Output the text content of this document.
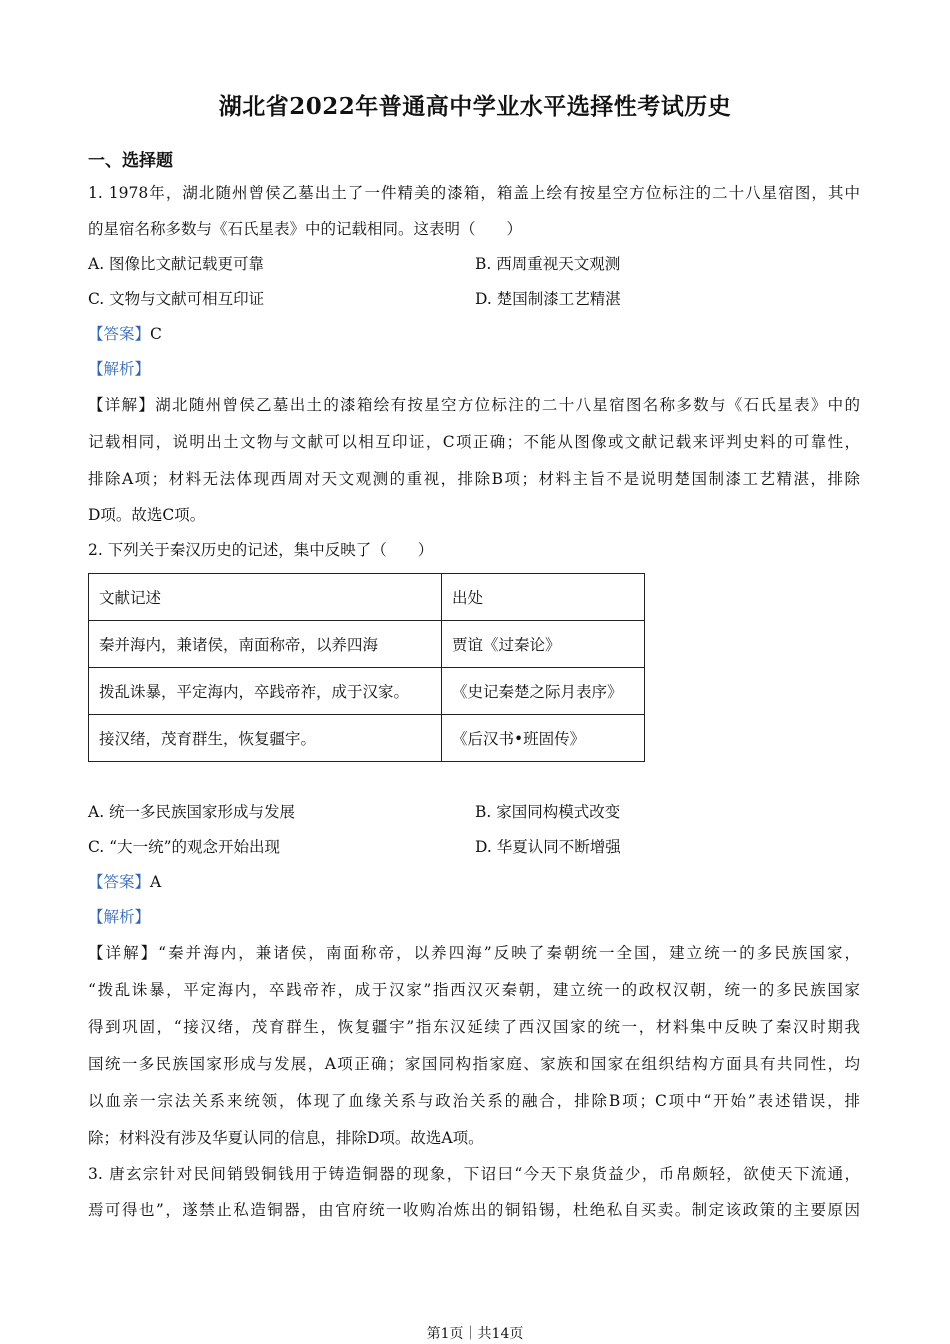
湖北省2022年普通高中学业水平选择性考试历史
一、选择题
1. 1978年，湖北随州曾侯乙墓出土了一件精美的漆箱，箱盖上绘有按星空方位标注的二十八星宿图，其中
的星宿名称多数与《石氏星表》中的记载相同。这表明（　　）
A. 图像比文献记载更可靠	B. 西周重视天文观测
C. 文物与文献可相互印证	D. 楚国制漆工艺精湛
【答案】C
【解析】
【详解】湖北随州曾侯乙墓出土的漆箱绘有按星空方位标注的二十八星宿图名称多数与《石氏星表》中的
记载相同，说明出土文物与文献可以相互印证，C项正确；不能从图像或文献记载来评判史料的可靠性，
排除A项；材料无法体现西周对天文观测的重视，排除B项；材料主旨不是说明楚国制漆工艺精湛，排除
D项。故选C项。
2. 下列关于秦汉历史的记述，集中反映了（　　）
文献记述	出处
秦并海内，兼诸侯，南面称帝，以养四海	贾谊《过秦论》
拨乱诛暴，平定海内，卒践帝祚，成于汉家。	《史记秦楚之际月表序》
接汉绪，茂育群生，恢复疆宇。	《后汉书•班固传》
A. 统一多民族国家形成与发展	B. 家国同构模式改变
C. “大一统”的观念开始出现	D. 华夏认同不断增强
【答案】A
【解析】
【详解】“秦并海内，兼诸侯，南面称帝，以养四海”反映了秦朝统一全国，建立统一的多民族国家，
“拨乱诛暴，平定海内，卒践帝祚，成于汉家”指西汉灭秦朝，建立统一的政权汉朝，统一的多民族国家
得到巩固，“接汉绪，茂育群生，恢复疆宇”指东汉延续了西汉国家的统一，材料集中反映了秦汉时期我
国统一多民族国家形成与发展，A项正确；家国同构指家庭、家族和国家在组织结构方面具有共同性，均
以血亲一宗法关系来统领，体现了血缘关系与政治关系的融合，排除B项；C项中“开始”表述错误，排
除；材料没有涉及华夏认同的信息，排除D项。故选A项。
3. 唐玄宗针对民间销毁铜钱用于铸造铜器的现象，下诏曰“今天下泉货益少，币帛颇轻，欲使天下流通，
焉可得也”，遂禁止私造铜器，由官府统一收购冶炼出的铜铅锡，杜绝私自买卖。制定该政策的主要原因
第1页｜共14页
